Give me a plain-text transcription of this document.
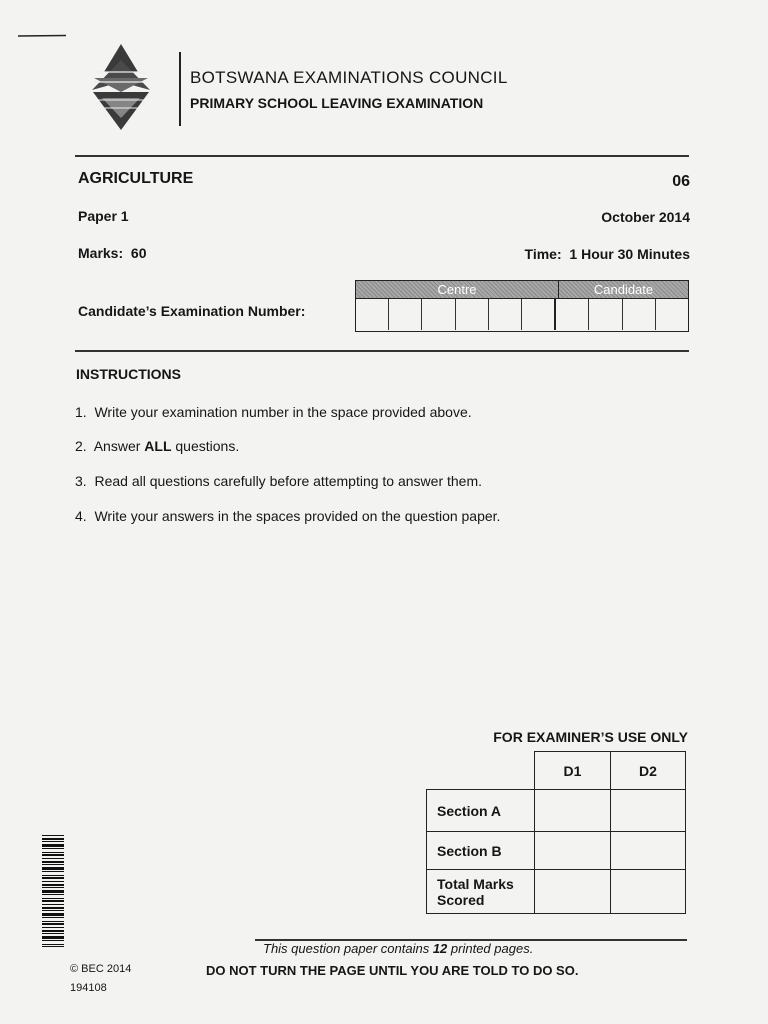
BOTSWANA EXAMINATIONS COUNCIL
PRIMARY SCHOOL LEAVING EXAMINATION
AGRICULTURE	06
Paper 1	October 2014
Marks: 60	Time: 1 Hour 30 Minutes
Candidate’s Examination Number:
Centre	Candidate
INSTRUCTIONS
1. Write your examination number in the space provided above.
2. Answer ALL questions.
3. Read all questions carefully before attempting to answer them.
4. Write your answers in the spaces provided on the question paper.
FOR EXAMINER’S USE ONLY
	D1	D2
Section A		
Section B		
Total Marks Scored		
This question paper contains 12 printed pages.
© BEC 2014
194108
DO NOT TURN THE PAGE UNTIL YOU ARE TOLD TO DO SO.
